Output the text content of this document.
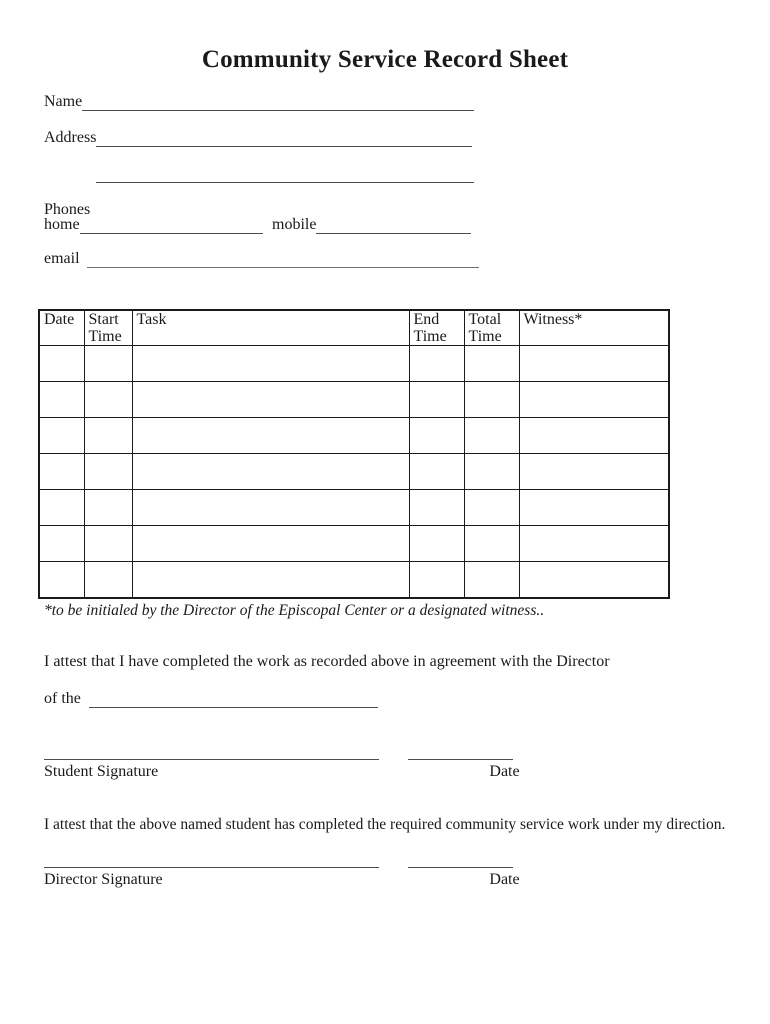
Community Service Record Sheet
Name
Address
Phones
home	mobile
email
Date	Start Time	Task	End Time	Total Time	Witness*

*to be initialed by the Director of the Episcopal Center or a designated witness..
I attest that I have completed the work as recorded above in agreement with the Director
of the
Student Signature	Date
I attest that the above named student has completed the required community service work under my direction.
Director Signature	Date
